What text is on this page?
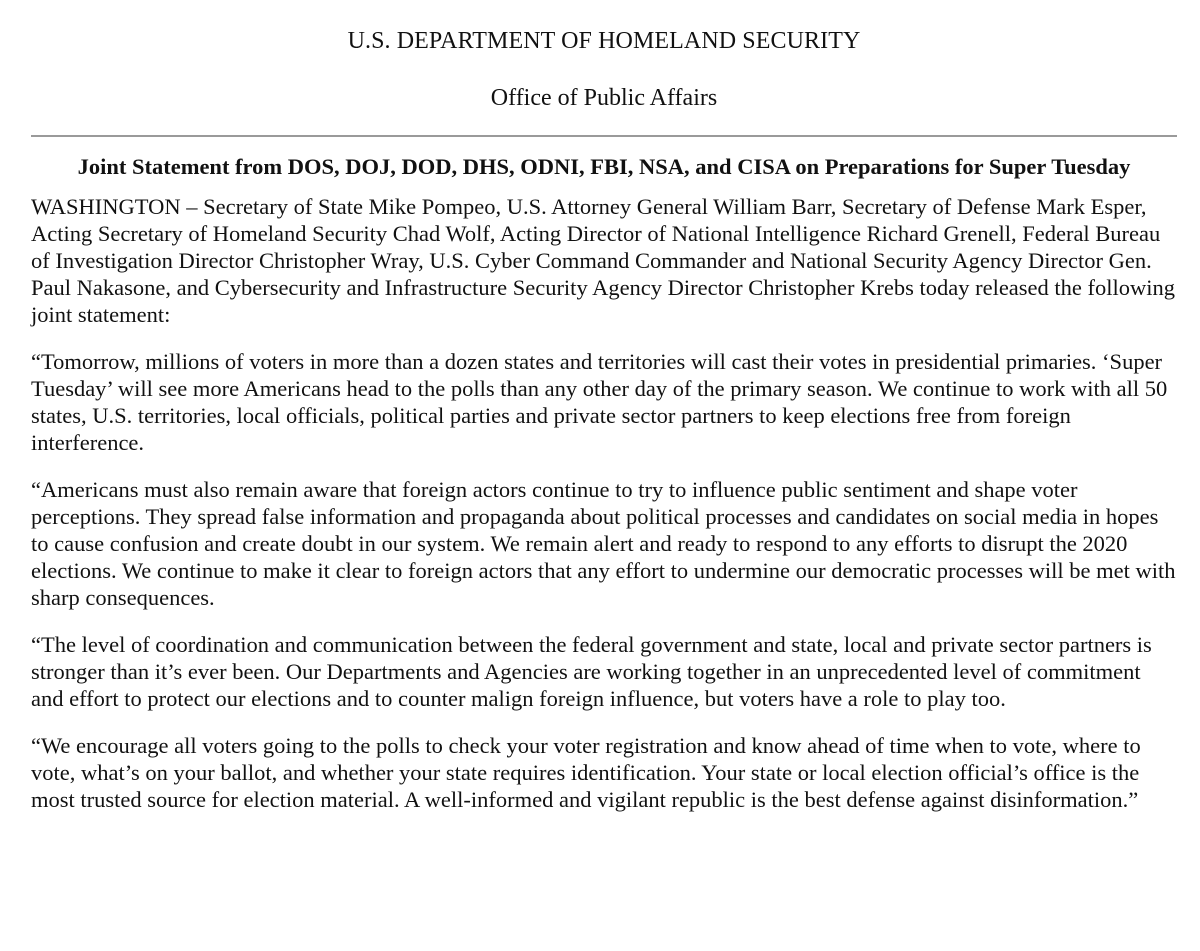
U.S. DEPARTMENT OF HOMELAND SECURITY
Office of Public Affairs
Joint Statement from DOS, DOJ, DOD, DHS, ODNI, FBI, NSA, and CISA on Preparations for Super Tuesday

WASHINGTON – Secretary of State Mike Pompeo, U.S. Attorney General William Barr, Secretary of Defense Mark Esper, Acting Secretary of Homeland Security Chad Wolf, Acting Director of National Intelligence Richard Grenell, Federal Bureau of Investigation Director Christopher Wray, U.S. Cyber Command Commander and National Security Agency Director Gen. Paul Nakasone, and Cybersecurity and Infrastructure Security Agency Director Christopher Krebs today released the following joint statement:

“Tomorrow, millions of voters in more than a dozen states and territories will cast their votes in presidential primaries. ‘Super Tuesday’ will see more Americans head to the polls than any other day of the primary season. We continue to work with all 50 states, U.S. territories, local officials, political parties and private sector partners to keep elections free from foreign interference.

“Americans must also remain aware that foreign actors continue to try to influence public sentiment and shape voter perceptions. They spread false information and propaganda about political processes and candidates on social media in hopes to cause confusion and create doubt in our system. We remain alert and ready to respond to any efforts to disrupt the 2020 elections. We continue to make it clear to foreign actors that any effort to undermine our democratic processes will be met with sharp consequences.

“The level of coordination and communication between the federal government and state, local and private sector partners is stronger than it’s ever been. Our Departments and Agencies are working together in an unprecedented level of commitment and effort to protect our elections and to counter malign foreign influence, but voters have a role to play too.

“We encourage all voters going to the polls to check your voter registration and know ahead of time when to vote, where to vote, what’s on your ballot, and whether your state requires identification. Your state or local election official’s office is the most trusted source for election material. A well-informed and vigilant republic is the best defense against disinformation.”
